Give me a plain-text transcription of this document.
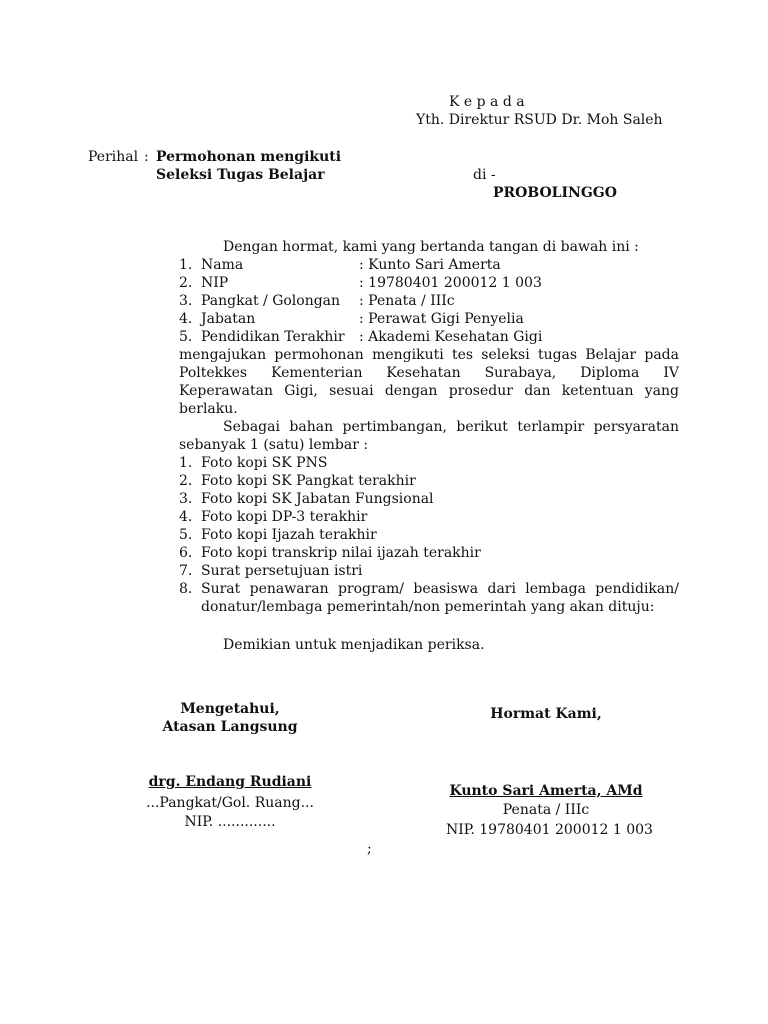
K e p a d a
Yth. Direktur RSUD Dr. Moh Saleh
Perihal : Permohonan mengikuti
Seleksi Tugas Belajar	di -
PROBOLINGGO
Dengan hormat, kami yang bertanda tangan di bawah ini :
1. Nama	: Kunto Sari Amerta
2. NIP	: 19780401 200012 1 003
3. Pangkat / Golongan : Penata / IIIc
4. Jabatan	: Perawat Gigi Penyelia
5. Pendidikan Terakhir : Akademi Kesehatan Gigi
mengajukan permohonan mengikuti tes seleksi tugas Belajar pada Poltekkes Kementerian Kesehatan Surabaya, Diploma IV Keperawatan Gigi, sesuai dengan prosedur dan ketentuan yang berlaku.
Sebagai bahan pertimbangan, berikut terlampir persyaratan sebanyak 1 (satu) lembar :
1. Foto kopi SK PNS
2. Foto kopi SK Pangkat terakhir
3. Foto kopi SK Jabatan Fungsional
4. Foto kopi DP-3 terakhir
5. Foto kopi Ijazah terakhir
6. Foto kopi transkrip nilai ijazah terakhir
7. Surat persetujuan istri
8. Surat penawaran program/ beasiswa dari lembaga pendidikan/ donatur/lembaga pemerintah/non pemerintah yang akan dituju:
Demikian untuk menjadikan periksa.
Mengetahui,
Atasan Langsung
drg. Endang Rudiani
...Pangkat/Gol. Ruang...
NIP. .............
Hormat Kami,
Kunto Sari Amerta, AMd
Penata / IIIc
NIP. 19780401 200012 1 003
;
